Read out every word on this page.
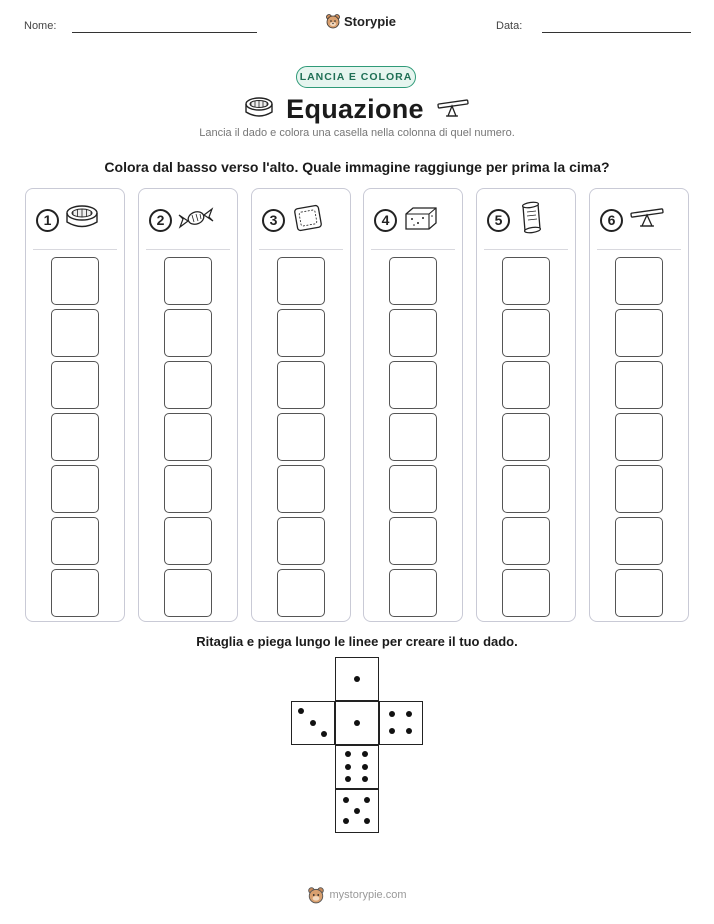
Nome:	Storypie	Data:
LANCIA E COLORA
Equazione
Lancia il dado e colora una casella nella colonna di quel numero.
Colora dal basso verso l'alto. Quale immagine raggiunge per prima la cima?
1	2	3	4	5	6
Ritaglia e piega lungo le linee per creare il tuo dado.
mystorypie.com
